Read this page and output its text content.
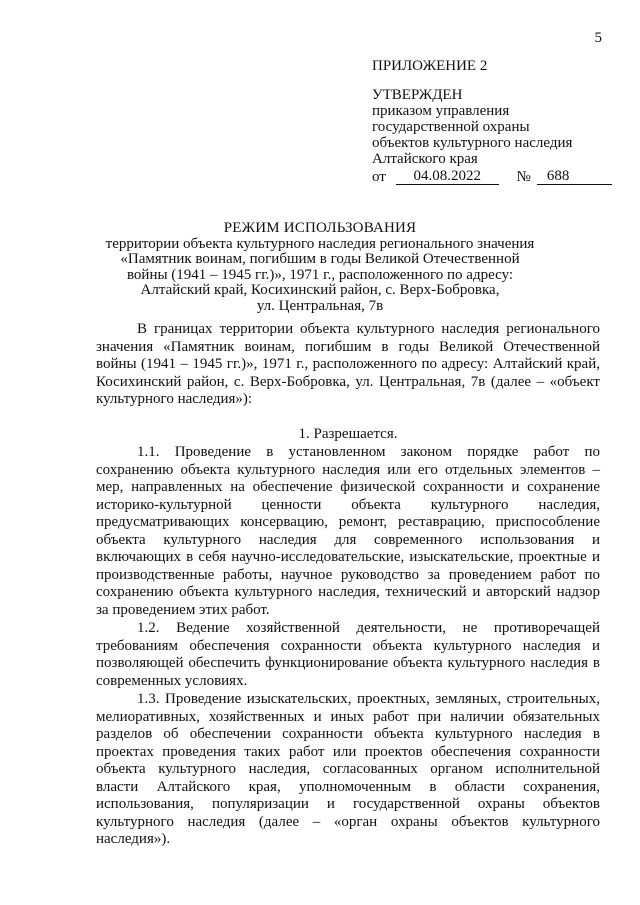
5
ПРИЛОЖЕНИЕ 2
УТВЕРЖДЕН
приказом управления
государственной охраны
объектов культурного наследия
Алтайского края
от	04.08.2022	№	688
РЕЖИМ ИСПОЛЬЗОВАНИЯ
территории объекта культурного наследия регионального значения
«Памятник воинам, погибшим в годы Великой Отечественной
войны (1941 – 1945 гг.)», 1971 г., расположенного по адресу:
Алтайский край, Косихинский район, с. Верх-Бобровка,
ул. Центральная, 7в

В границах территории объекта культурного наследия регионального значения «Памятник воинам, погибшим в годы Великой Отечественной войны (1941 – 1945 гг.)», 1971 г., расположенного по адресу: Алтайский край, Косихинский район, с. Верх-Бобровка, ул. Центральная, 7в (далее – «объект культурного наследия»):

1. Разрешается.

1.1. Проведение в установленном законом порядке работ по сохранению объекта культурного наследия или его отдельных элементов – мер, направленных на обеспечение физической сохранности и сохранение историко-культурной ценности объекта культурного наследия, предусматривающих консервацию, ремонт, реставрацию, приспособление объекта культурного наследия для современного использования и включающих в себя научно-исследовательские, изыскательские, проектные и производственные работы, научное руководство за проведением работ по сохранению объекта культурного наследия, технический и авторский надзор за проведением этих работ.

1.2. Ведение хозяйственной деятельности, не противоречащей требованиям обеспечения сохранности объекта культурного наследия и позволяющей обеспечить функционирование объекта культурного наследия в современных условиях.

1.3. Проведение изыскательских, проектных, земляных, строительных, мелиоративных, хозяйственных и иных работ при наличии обязательных разделов об обеспечении сохранности объекта культурного наследия в проектах проведения таких работ или проектов обеспечения сохранности объекта культурного наследия, согласованных органом исполнительной власти Алтайского края, уполномоченным в области сохранения, использования, популяризации и государственной охраны объектов культурного наследия (далее – «орган охраны объектов культурного наследия»).
